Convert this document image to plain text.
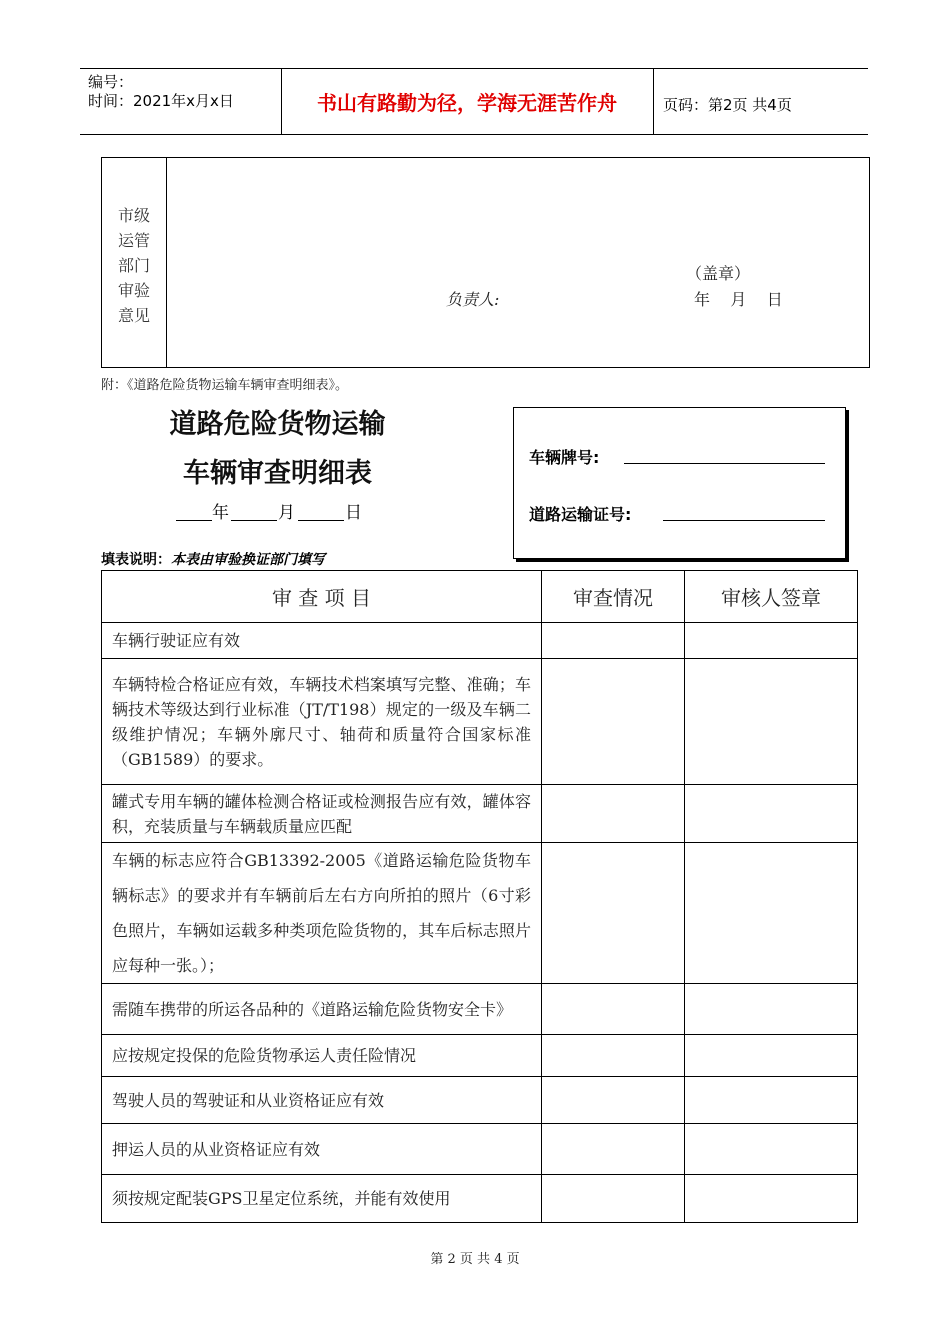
编号：
时间：2021年x月x日	书山有路勤为径，学海无涯苦作舟	页码：第2页 共4页
市级
运管
部门
审验
意见
（盖章）
负责人:	年    月    日
附：《道路危险货物运输车辆审查明细表》。
道路危险货物运输
车辆审查明细表
年	月	日
车辆牌号:
道路运输证号:
填表说明：本表由审验换证部门填写
审 查 项 目	审查情况	审核人签章
车辆行驶证应有效		
车辆特检合格证应有效，车辆技术档案填写完整、准确；车辆技术等级达到行业标准（JT/T198）规定的一级及车辆二级维护情况；车辆外廓尺寸、轴荷和质量符合国家标准（GB1589）的要求。		
罐式专用车辆的罐体检测合格证或检测报告应有效，罐体容积，充装质量与车辆载质量应匹配		
车辆的标志应符合GB13392-2005《道路运输危险货物车辆标志》的要求并有车辆前后左右方向所拍的照片（6寸彩色照片，车辆如运载多种类项危险货物的，其车后标志照片应每种一张。）；		
需随车携带的所运各品种的《道路运输危险货物安全卡》		
应按规定投保的危险货物承运人责任险情况		
驾驶人员的驾驶证和从业资格证应有效		
押运人员的从业资格证应有效		
须按规定配装GPS卫星定位系统，并能有效使用		
第 2 页 共 4 页
